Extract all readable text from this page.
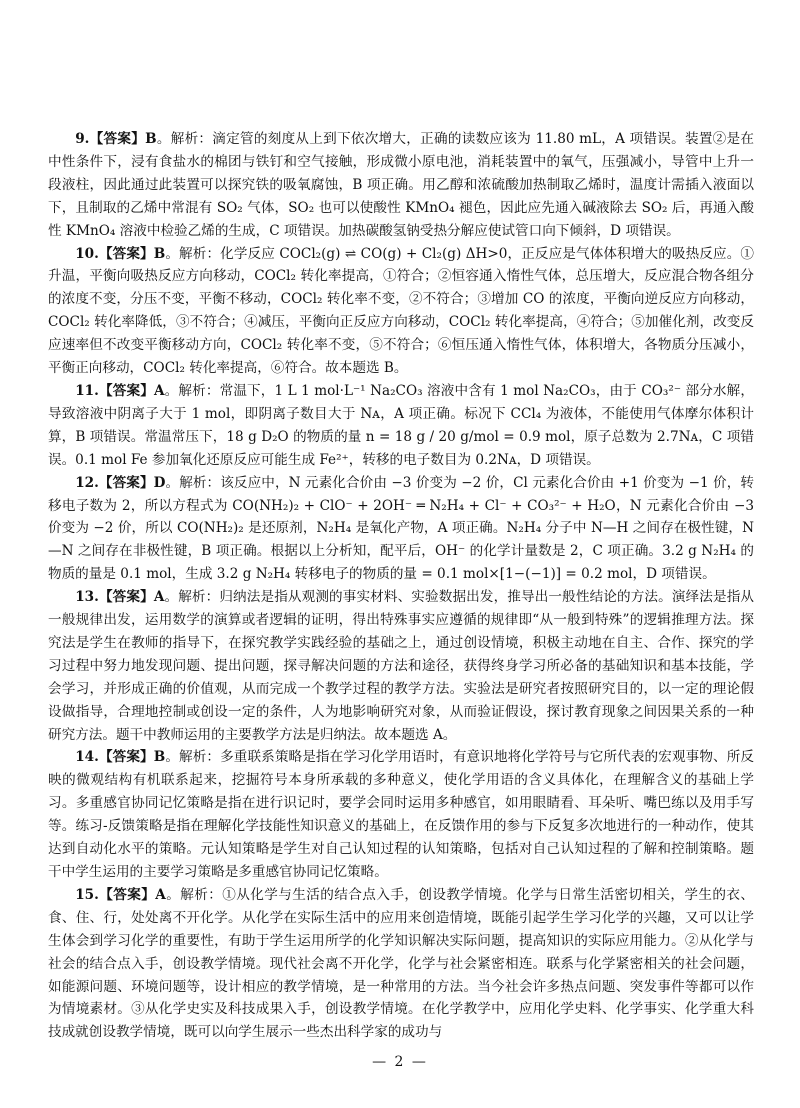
9.【答案】B。解析：滴定管的刻度从上到下依次增大，正确的读数应该为 11.80 mL，A 项错误。装置②是在中性条件下，浸有食盐水的棉团与铁钉和空气接触，形成微小原电池，消耗装置中的氧气，压强减小，导管中上升一段液柱，因此通过此装置可以探究铁的吸氧腐蚀，B 项正确。用乙醇和浓硫酸加热制取乙烯时，温度计需插入液面以下，且制取的乙烯中常混有 SO₂ 气体，SO₂ 也可以使酸性 KMnO₄ 褪色，因此应先通入碱液除去 SO₂ 后，再通入酸性 KMnO₄ 溶液中检验乙烯的生成，C 项错误。加热碳酸氢钠受热分解应使试管口向下倾斜，D 项错误。

10.【答案】B。解析：化学反应 COCl₂(g) ⇌ CO(g) + Cl₂(g) ΔH>0，正反应是气体体积增大的吸热反应。①升温，平衡向吸热反应方向移动，COCl₂ 转化率提高，①符合；②恒容通入惰性气体，总压增大，反应混合物各组分的浓度不变，分压不变，平衡不移动，COCl₂ 转化率不变，②不符合；③增加 CO 的浓度，平衡向逆反应方向移动，COCl₂ 转化率降低，③不符合；④减压，平衡向正反应方向移动，COCl₂ 转化率提高，④符合；⑤加催化剂，改变反应速率但不改变平衡移动方向，COCl₂ 转化率不变，⑤不符合；⑥恒压通入惰性气体，体积增大，各物质分压减小，平衡正向移动，COCl₂ 转化率提高，⑥符合。故本题选 B。

11.【答案】A。解析：常温下，1 L 1 mol·L⁻¹ Na₂CO₃ 溶液中含有 1 mol Na₂CO₃，由于 CO₃²⁻ 部分水解，导致溶液中阴离子大于 1 mol，即阴离子数目大于 Nᴀ，A 项正确。标况下 CCl₄ 为液体，不能使用气体摩尔体积计算，B 项错误。常温常压下，18 g D₂O 的物质的量 n = 18 g / 20 g/mol = 0.9 mol，原子总数为 2.7Nᴀ，C 项错误。0.1 mol Fe 参加氧化还原反应可能生成 Fe²⁺，转移的电子数目为 0.2Nᴀ，D 项错误。

12.【答案】D。解析：该反应中，N 元素化合价由 −3 价变为 −2 价，Cl 元素化合价由 +1 价变为 −1 价，转移电子数为 2，所以方程式为 CO(NH₂)₂ + ClO⁻ + 2OH⁻ ═ N₂H₄ + Cl⁻ + CO₃²⁻ + H₂O，N 元素化合价由 −3 价变为 −2 价，所以 CO(NH₂)₂ 是还原剂，N₂H₄ 是氧化产物，A 项正确。N₂H₄ 分子中 N—H 之间存在极性键，N—N 之间存在非极性键，B 项正确。根据以上分析知，配平后，OH⁻ 的化学计量数是 2，C 项正确。3.2 g N₂H₄ 的物质的量是 0.1 mol，生成 3.2 g N₂H₄ 转移电子的物质的量 = 0.1 mol×[1−(−1)] = 0.2 mol，D 项错误。

13.【答案】A。解析：归纳法是指从观测的事实材料、实验数据出发，推导出一般性结论的方法。演绎法是指从一般规律出发，运用数学的演算或者逻辑的证明，得出特殊事实应遵循的规律即“从一般到特殊”的逻辑推理方法。探究法是学生在教师的指导下，在探究教学实践经验的基础之上，通过创设情境，积极主动地在自主、合作、探究的学习过程中努力地发现问题、提出问题，探寻解决问题的方法和途径，获得终身学习所必备的基础知识和基本技能，学会学习，并形成正确的价值观，从而完成一个教学过程的教学方法。实验法是研究者按照研究目的，以一定的理论假设做指导，合理地控制或创设一定的条件，人为地影响研究对象，从而验证假设，探讨教育现象之间因果关系的一种研究方法。题干中教师运用的主要教学方法是归纳法。故本题选 A。

14.【答案】B。解析：多重联系策略是指在学习化学用语时，有意识地将化学符号与它所代表的宏观事物、所反映的微观结构有机联系起来，挖掘符号本身所承载的多种意义，使化学用语的含义具体化，在理解含义的基础上学习。多重感官协同记忆策略是指在进行识记时，要学会同时运用多种感官，如用眼睛看、耳朵听、嘴巴练以及用手写等。练习-反馈策略是指在理解化学技能性知识意义的基础上，在反馈作用的参与下反复多次地进行的一种动作，使其达到自动化水平的策略。元认知策略是学生对自己认知过程的认知策略，包括对自己认知过程的了解和控制策略。题干中学生运用的主要学习策略是多重感官协同记忆策略。

15.【答案】A。解析：①从化学与生活的结合点入手，创设教学情境。化学与日常生活密切相关，学生的衣、食、住、行，处处离不开化学。从化学在实际生活中的应用来创造情境，既能引起学生学习化学的兴趣，又可以让学生体会到学习化学的重要性，有助于学生运用所学的化学知识解决实际问题，提高知识的实际应用能力。②从化学与社会的结合点入手，创设教学情境。现代社会离不开化学，化学与社会紧密相连。联系与化学紧密相关的社会问题，如能源问题、环境问题等，设计相应的教学情境，是一种常用的方法。当今社会许多热点问题、突发事件等都可以作为情境素材。③从化学史实及科技成果入手，创设教学情境。在化学教学中，应用化学史料、化学事实、化学重大科技成就创设教学情境，既可以向学生展示一些杰出科学家的成功与

— 2 —
